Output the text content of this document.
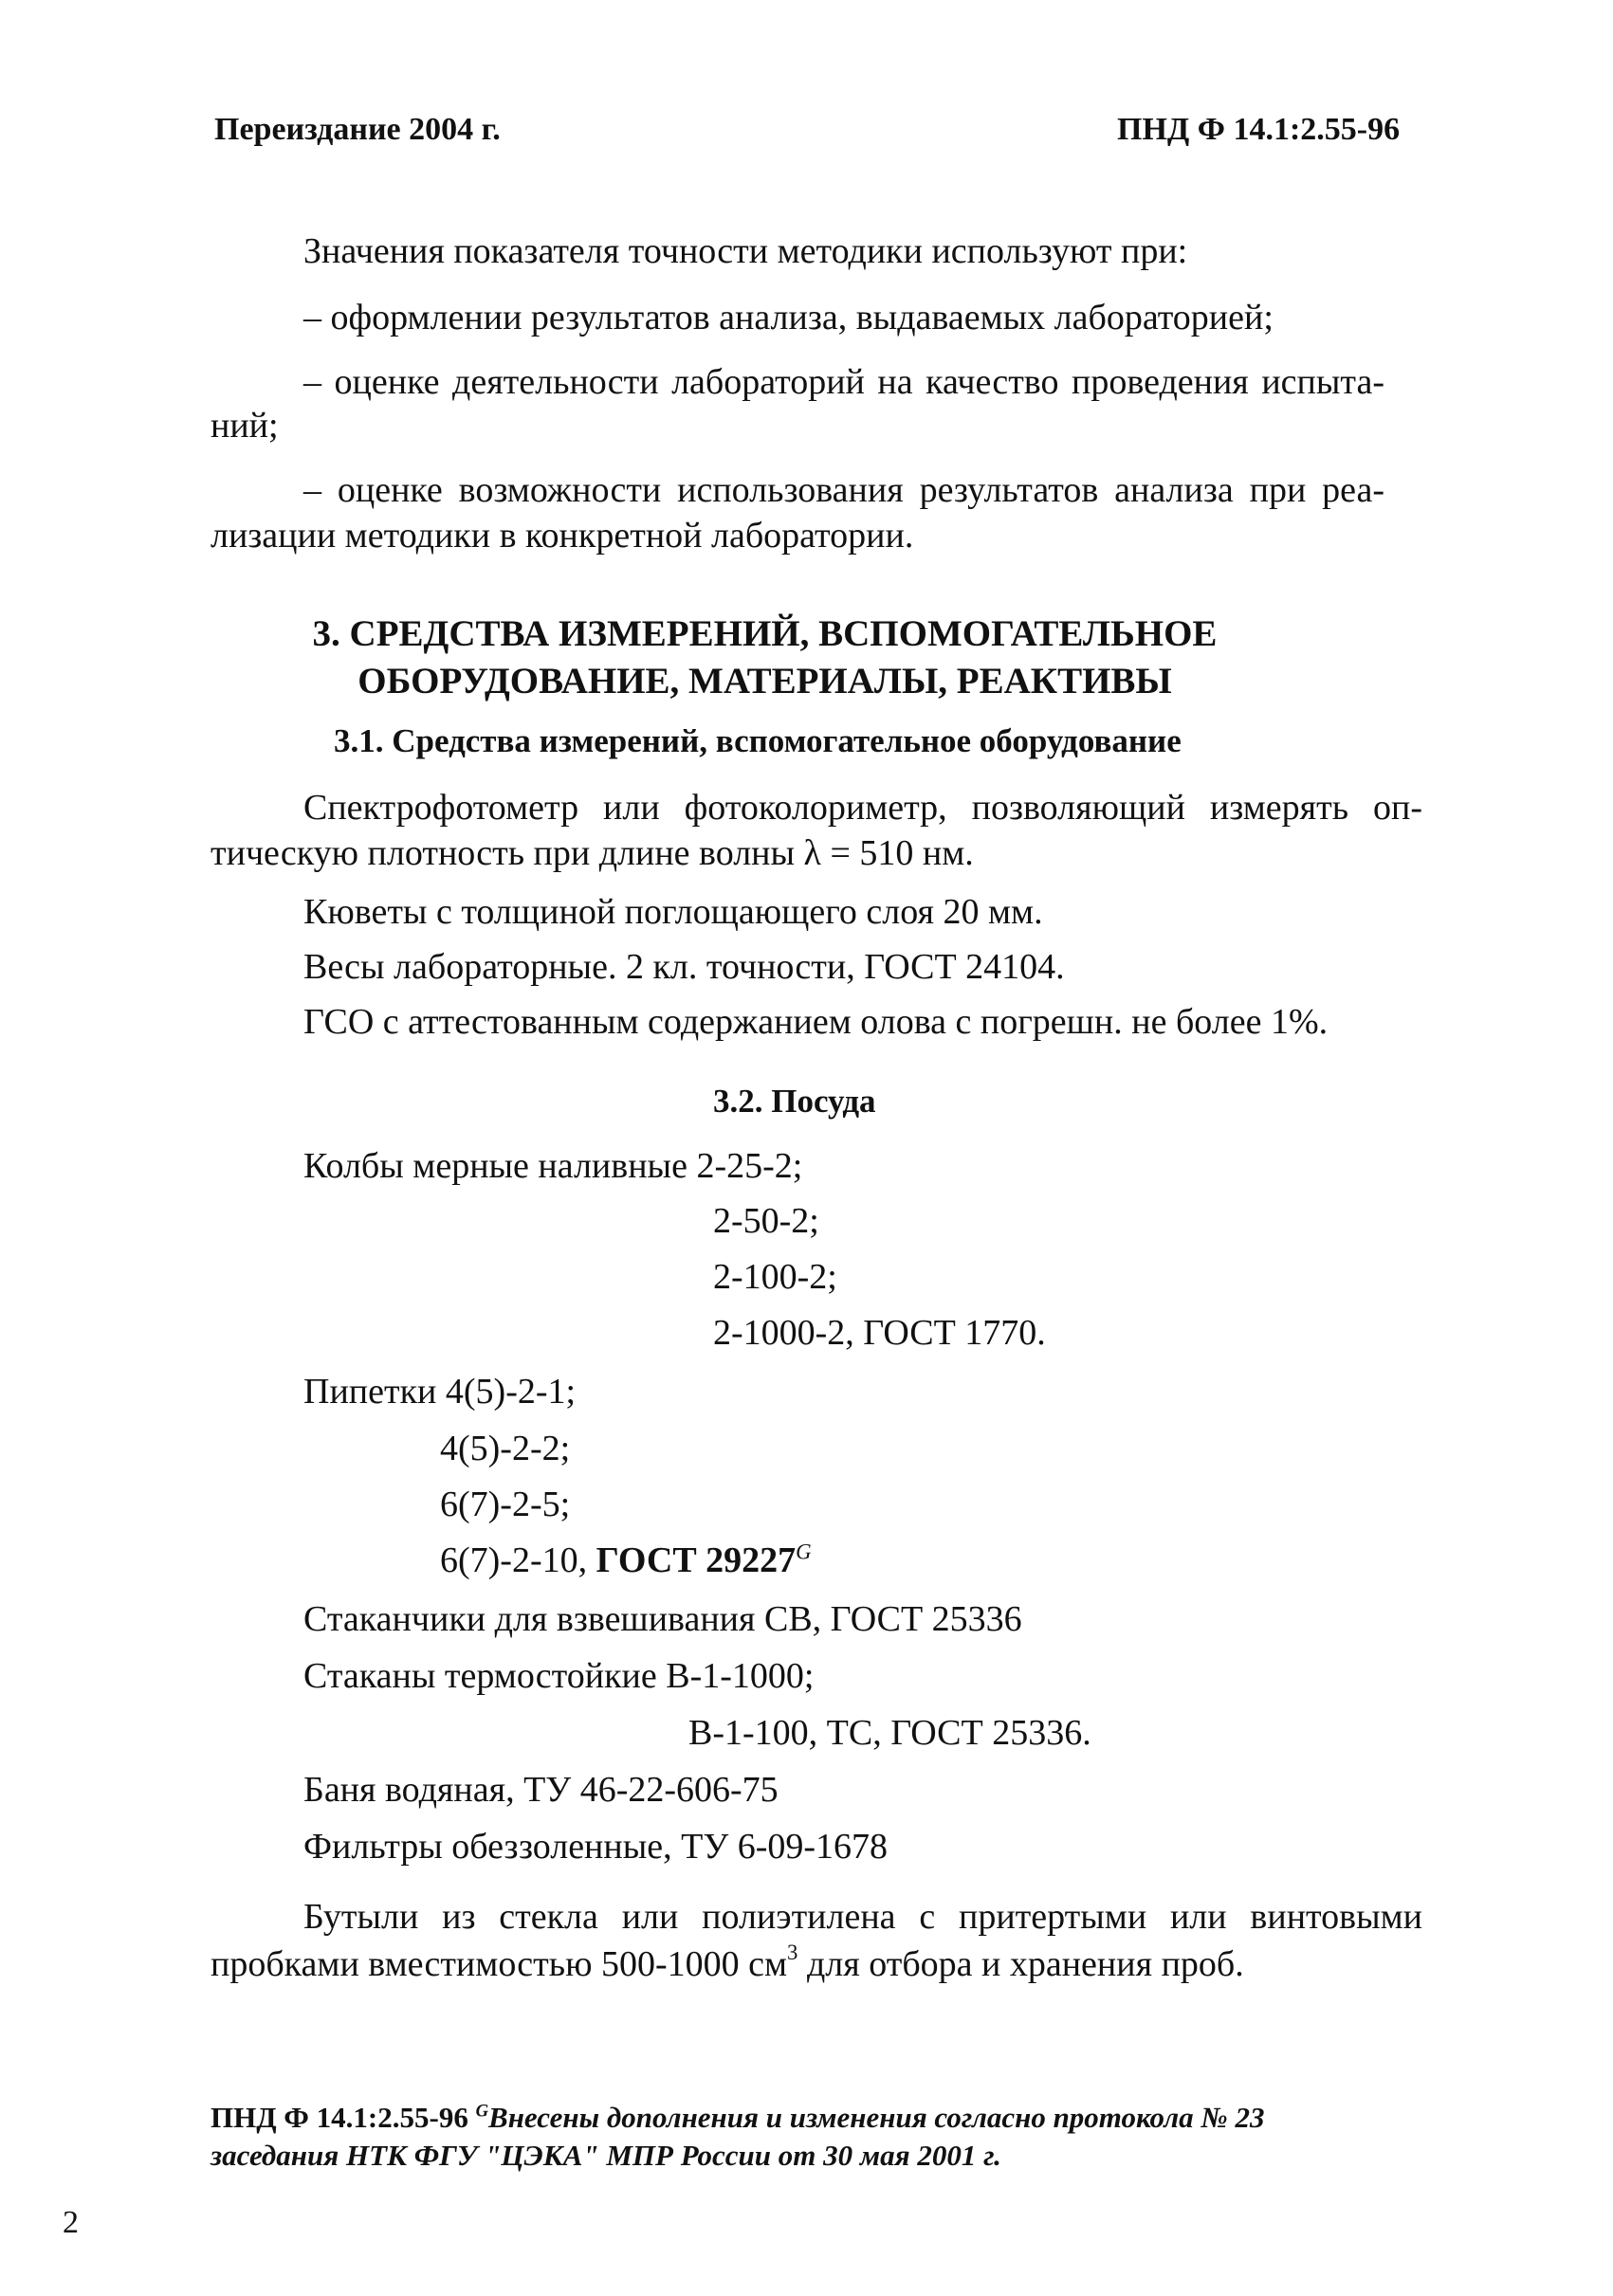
Переиздание 2004 г.	ПНД Ф 14.1:2.55-96
Значения показателя точности методики используют при:
– оформлении результатов анализа, выдаваемых лабораторией;
– оценке деятельности лабораторий на качество проведения испыта-
ний;
– оценке возможности использования результатов анализа при реа-
лизации методики в конкретной лаборатории.
3. СРЕДСТВА ИЗМЕРЕНИЙ, ВСПОМОГАТЕЛЬНОЕ
ОБОРУДОВАНИЕ, МАТЕРИАЛЫ, РЕАКТИВЫ
3.1. Средства измерений, вспомогательное оборудование
Спектрофотометр или фотоколориметр, позволяющий измерять оп-
тическую плотность при длине волны λ = 510 нм.
Кюветы с толщиной поглощающего слоя 20 мм.
Весы лабораторные. 2 кл. точности, ГОСТ 24104.
ГСО с аттестованным содержанием олова с погрешн. не более 1%.
3.2. Посуда
Колбы мерные наливные 2-25-2;
2-50-2;
2-100-2;
2-1000-2, ГОСТ 1770.
Пипетки 4(5)-2-1;
4(5)-2-2;
6(7)-2-5;
6(7)-2-10, ГОСТ $29227^G$
Стаканчики для взвешивания СВ, ГОСТ 25336
Стаканы термостойкие В-1-1000;
В-1-100, ТС, ГОСТ 25336.
Баня водяная, ТУ 46-22-606-75
Фильтры обеззоленные, ТУ 6-09-1678
Бутыли из стекла или полиэтилена с притертыми или винтовыми
пробками вместимостью 500-1000 $см^3$ для отбора и хранения проб.
ПНД Ф 14.1:2.55-96 $^G$Внесены дополнения и изменения согласно протокола № 23
заседания НТК ФГУ "ЦЭКА" МПР России от 30 мая 2001 г.
2
